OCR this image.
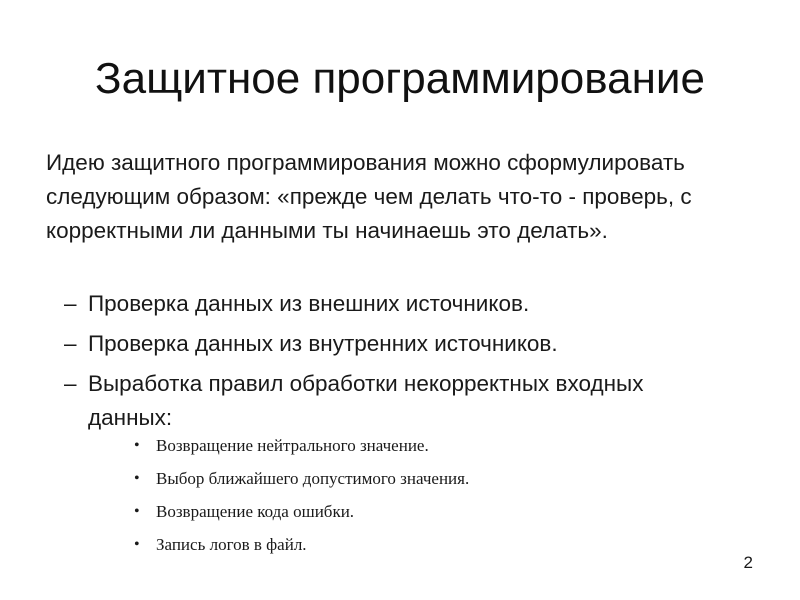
Защитное программирование
Идею защитного программирования можно сформулировать
следующим образом: «прежде чем делать что-то - проверь, с
корректными ли данными ты начинаешь это делать».
– Проверка данных из внешних источников.
– Проверка данных из внутренних источников.
– Выработка правил обработки некорректных входных
данных:
• Возвращение нейтрального значение.
• Выбор ближайшего допустимого значения.
• Возвращение кода ошибки.
• Запись логов в файл.
2
